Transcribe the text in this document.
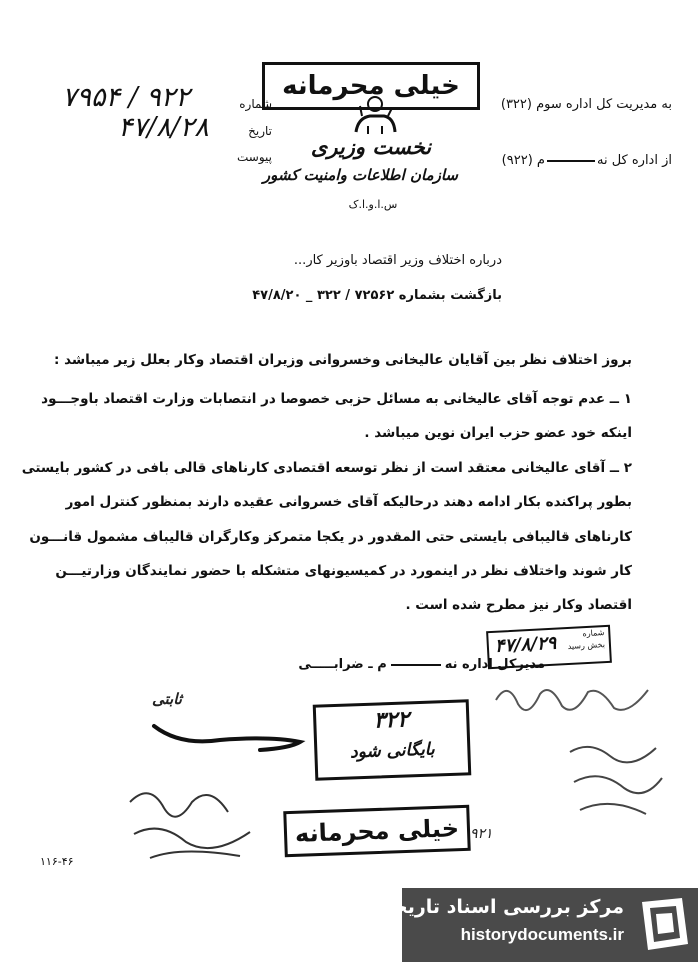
خیلی محرمانه
نخست وزیری
سازمان اطلاعات وامنیت کشور
س.ا.و.ا.ک
شماره
۹۲۲ / ۷۹۵۴
تاریخ
۴۷/۸/۲۸
پیوست
به مدیریت کل اداره سوم (۳۲۲)
از اداره کل نهم (۹۲۲)
درباره اختلاف وزیر اقتصاد باوزیر کار...
بازگشت بشماره ۷۲۵۶۲ / ۳۲۲ _ ۴۷/۸/۲۰
بروز اختلاف نظر بین آقایان عالیخانی وخسروانی وزیران اقتصاد وکار بعلل زیر میباشد :
۱ ــ عدم توجه آقای عالیخانی به مسائل حزبی خصوصا در انتصابات وزارت اقتصاد باوجـــود
اینکه خود عضو حزب ایران نوین میباشد .
۲ ــ آقای عالیخانی معتقد است از نظر توسعه اقتصادی کارناهای قالی بافی در کشور بایستی
بطور پراکنده بکار ادامه دهند درحالیکه آقای خسروانی عقیده دارند بمنظور کنترل امور
کارناهای قالیبافی بایستی حتی المقدور در یکجا متمرکز وکارگران قالیباف مشمول قانـــون
کار شوند واختلاف نظر در اینمورد در کمیسیونهای متشکله با حضور نمایندگان وزارتیـــن
اقتصاد وکار نیز مطرح شده است .
شماره
بخش رسید
۴۷/۸/۲۹
مدیرکل اداره نهم ـ ضرابـــــی
ثابتی
۳۲۲
بایگانی شود
خیلی محرمانه ۹۲۱
۱۱۶-۴۶
مرکز بررسی اسناد تاریخی
historydocuments.ir
